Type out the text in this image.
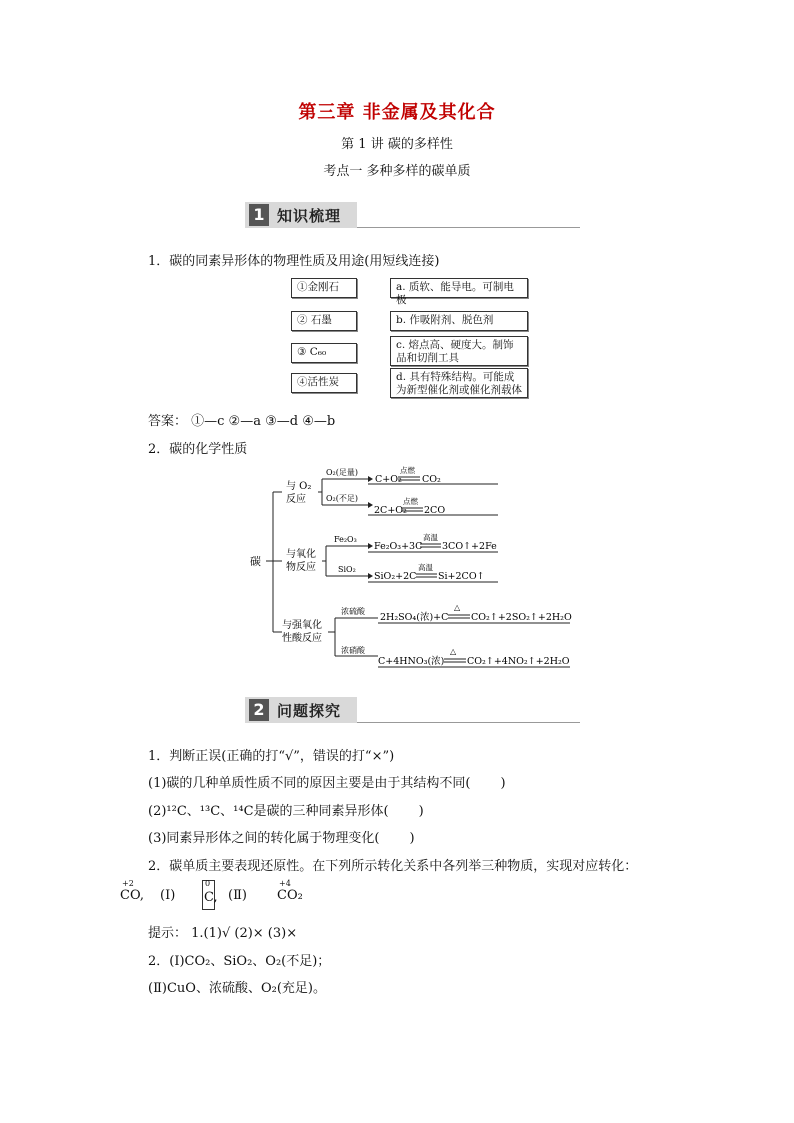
第三章 非金属及其化合
第 1 讲 碳的多样性
考点一 多种多样的碳单质
1 知识梳理
1．碳的同素异形体的物理性质及用途(用短线连接)
①金刚石
② 石墨
③ C₆₀
④活性炭
a. 质软、能导电。可制电极
b. 作吸附剂、脱色剂
c. 熔点高、硬度大。制饰品和切削工具
d. 具有特殊结构。可能成为新型催化剂或催化剂载体
答案： ①—c ②—a ③—d ④—b
2．碳的化学性质
碳
与 O₂
反应
与氧化
物反应
与强氧化
性酸反应
O₂(足量)
O₂(不足)
Fe₂O₃
SiO₂
浓硫酸
浓硝酸
C+O₂
点燃
CO₂
2C+O₂
点燃
2CO
Fe₂O₃+3C
高温
3CO↑+2Fe
SiO₂+2C
高温
Si+2CO↑
2H₂SO₄(浓)+C
△
CO₂↑+2SO₂↑+2H₂O
C+4HNO₃(浓)
△
CO₂↑+4NO₂↑+2H₂O
2 问题探究
1．判断正误(正确的打“√”，错误的打“×”)
(1)碳的几种单质性质不同的原因主要是由于其结构不同( )
(2)¹²C、¹³C、¹⁴C是碳的三种同素异形体( )
(3)同素异形体之间的转化属于物理变化( )
2．碳单质主要表现还原性。在下列所示转化关系中各列举三种物质，实现对应转化：
+2
CO, (Ⅰ)
0
C, (Ⅱ)
+4
CO₂
提示： 1.(1)√ (2)× (3)×
2．(Ⅰ)CO₂、SiO₂、O₂(不足)；
(Ⅱ)CuO、浓硫酸、O₂(充足)。
